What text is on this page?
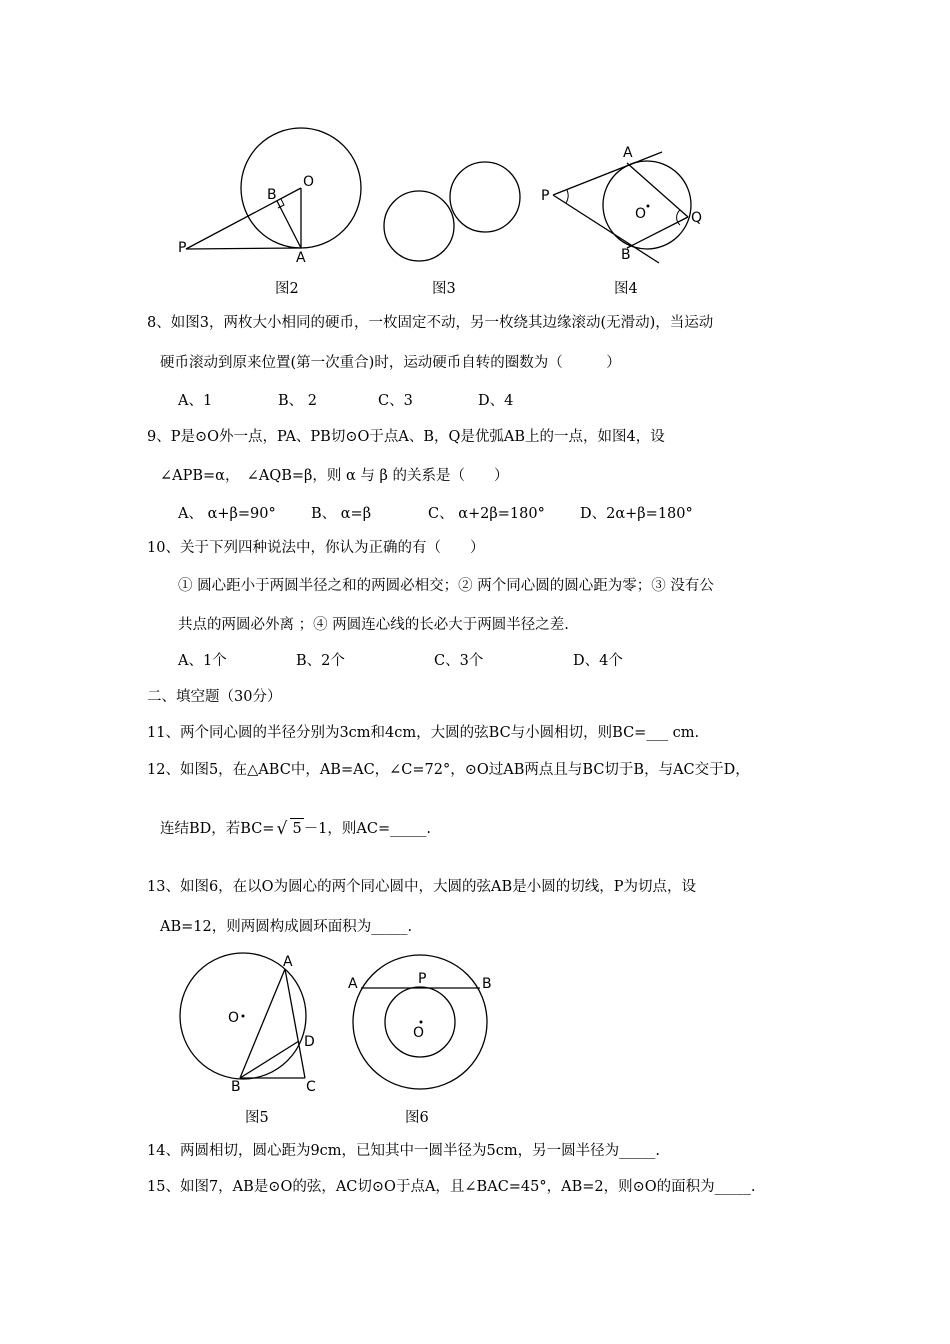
O
B
P
A
A
P
O	Q
B
图2	图3	图4
8、如图3，两枚大小相同的硬币，一枚固定不动，另一枚绕其边缘滚动(无滑动)，当运动
硬币滚动到原来位置(第一次重合)时，运动硬币自转的圈数为（　　　）
A、1	B、 2	C、3	D、4
9、P是⊙O外一点，PA、PB切⊙O于点A、B，Q是优弧AB上的一点，如图4，设
∠APB=α，　∠AQB=β，则 α 与 β 的关系是（　　）
A、 α+β=90° B、 α=β	C、 α+2β=180° D、2α+β=180°
10、关于下列四种说法中，你认为正确的有（　　）
① 圆心距小于两圆半径之和的两圆必相交；② 两个同心圆的圆心距为零；③ 没有公
共点的两圆必外离 ；④ 两圆连心线的长必大于两圆半径之差.
A、1个	B、2个	C、3个	D、4个
二、填空题（30分）
11、两个同心圆的半径分别为3cm和4cm，大圆的弦BC与小圆相切，则BC=___ cm.
12、如图5，在△ABC中，AB=AC，∠C=72°，⊙O过AB两点且与BC切于B，与AC交于D，
连结BD，若BC= √ 5 －1，则AC=_____.
13、如图6，在以O为圆心的两个同心圆中，大圆的弦AB是小圆的切线，P为切点，设
AB=12，则两圆构成圆环面积为_____.
A
O
D
B	C
A	P	B
O
图5	图6
14、两圆相切，圆心距为9cm，已知其中一圆半径为5cm，另一圆半径为_____.
15、如图7，AB是⊙O的弦，AC切⊙O于点A，且∠BAC=45°，AB=2，则⊙O的面积为_____.
